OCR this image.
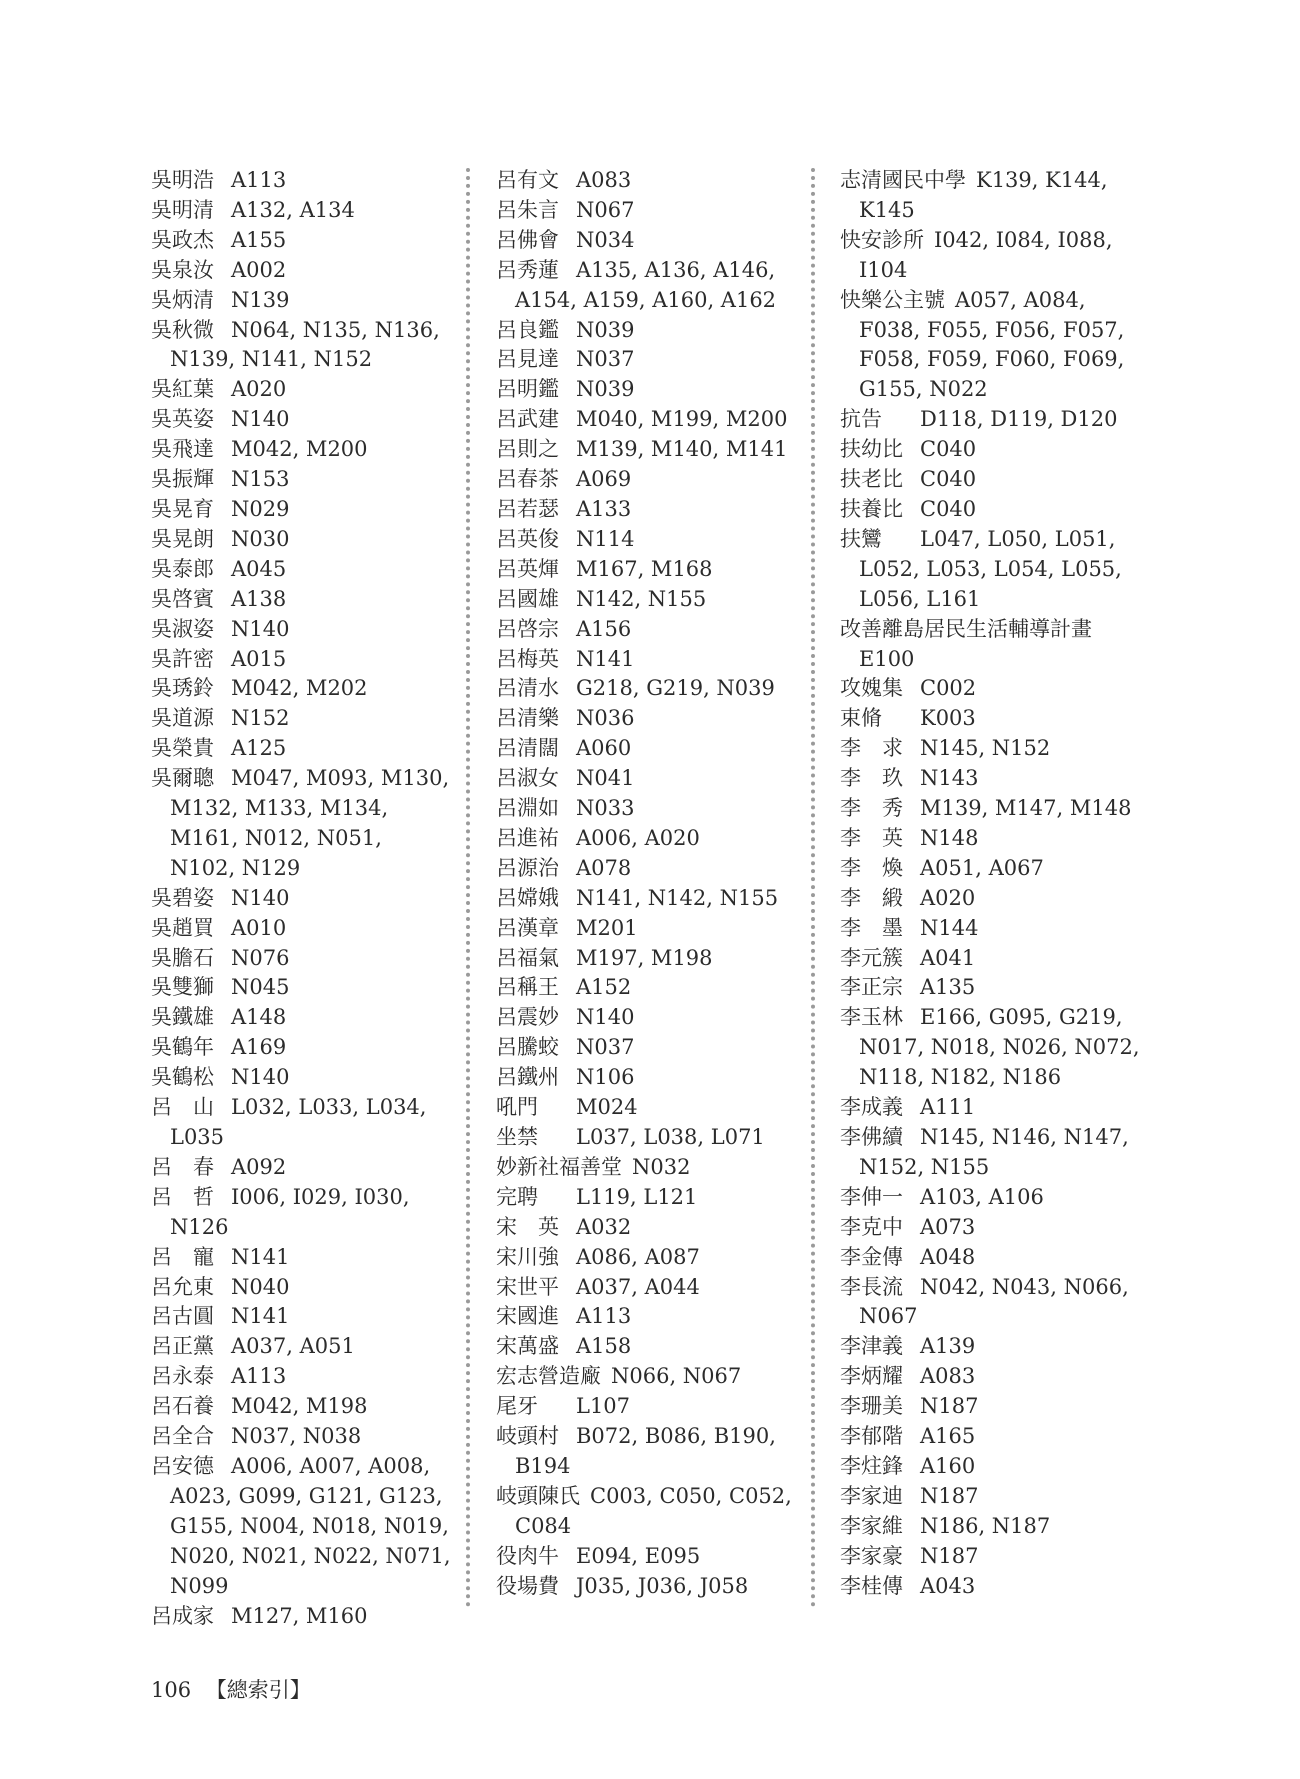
吳明浩 A113
吳明清 A132, A134
吳政杰 A155
吳泉汝 A002
吳炳清 N139
吳秋微 N064, N135, N136, N139, N141, N152
吳紅葉 A020
吳英姿 N140
吳飛達 M042, M200
吳振輝 N153
吳晃育 N029
吳晃朗 N030
吳泰郎 A045
吳啓賓 A138
吳淑姿 N140
吳許密 A015
吳琇鈴 M042, M202
吳道源 N152
吳榮貴 A125
吳爾聰 M047, M093, M130, M132, M133, M134, M161, N012, N051, N102, N129
吳碧姿 N140
吳趙買 A010
吳膽石 N076
吳雙獅 N045
吳鐵雄 A148
吳鶴年 A169
吳鶴松 N140
呂　山 L032, L033, L034, L035
呂　春 A092
呂　哲 I006, I029, I030, N126
呂　寵 N141
呂允東 N040
呂古圓 N141
呂正黨 A037, A051
呂永泰 A113
呂石養 M042, M198
呂全合 N037, N038
呂安德 A006, A007, A008, A023, G099, G121, G123, G155, N004, N018, N019, N020, N021, N022, N071, N099
呂成家 M127, M160
呂有文 A083
呂朱言 N067
呂佛會 N034
呂秀蓮 A135, A136, A146, A154, A159, A160, A162
呂良鑑 N039
呂見達 N037
呂明鑑 N039
呂武建 M040, M199, M200
呂則之 M139, M140, M141
呂春茶 A069
呂若瑟 A133
呂英俊 N114
呂英煇 M167, M168
呂國雄 N142, N155
呂啓宗 A156
呂梅英 N141
呂清水 G218, G219, N039
呂清樂 N036
呂清闊 A060
呂淑女 N041
呂淵如 N033
呂進祐 A006, A020
呂源治 A078
呂嫦娥 N141, N142, N155
呂漢章 M201
呂福氣 M197, M198
呂稱王 A152
呂震妙 N140
呂騰蛟 N037
呂鐵州 N106
吼門 M024
坐禁 L037, L038, L071
妙新社福善堂 N032
完聘 L119, L121
宋　英 A032
宋川強 A086, A087
宋世平 A037, A044
宋國進 A113
宋萬盛 A158
宏志營造廠 N066, N067
尾牙 L107
岐頭村 B072, B086, B190, B194
岐頭陳氏 C003, C050, C052, C084
役肉牛 E094, E095
役場費 J035, J036, J058
志清國民中學 K139, K144, K145
快安診所 I042, I084, I088, I104
快樂公主號 A057, A084, F038, F055, F056, F057, F058, F059, F060, F069, G155, N022
抗告 D118, D119, D120
扶幼比 C040
扶老比 C040
扶養比 C040
扶鸞 L047, L050, L051, L052, L053, L054, L055, L056, L161
改善離島居民生活輔導計畫E100
攻媿集 C002
束脩 K003
李　求 N145, N152
李　玖 N143
李　秀 M139, M147, M148
李　英 N148
李　煥 A051, A067
李　緞 A020
李　墨 N144
李元簇 A041
李正宗 A135
李玉林 E166, G095, G219, N017, N018, N026, N072, N118, N182, N186
李成義 A111
李佛續 N145, N146, N147, N152, N155
李伸一 A103, A106
李克中 A073
李金傳 A048
李長流 N042, N043, N066, N067
李津義 A139
李炳耀 A083
李珊美 N187
李郁階 A165
李炷鋒 A160
李家迪 N187
李家維 N186, N187
李家豪 N187
李桂傳 A043
106 【總索引】
